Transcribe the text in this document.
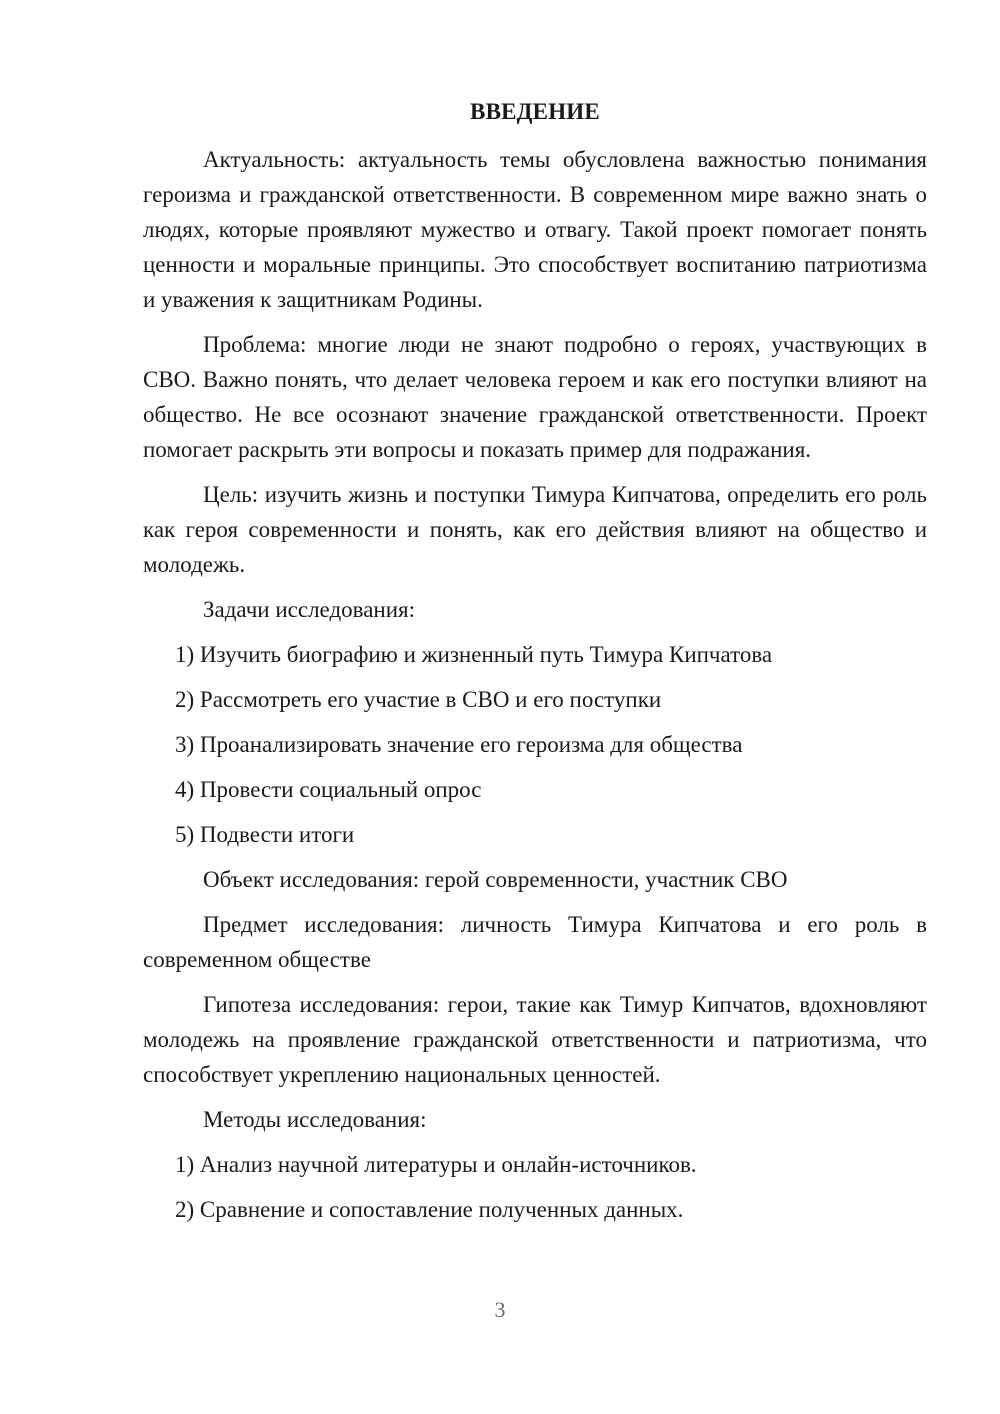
ВВЕДЕНИЕ

Актуальность: актуальность темы обусловлена важностью понимания героизма и гражданской ответственности. В современном мире важно знать о людях, которые проявляют мужество и отвагу. Такой проект помогает понять ценности и моральные принципы. Это способствует воспитанию патриотизма и уважения к защитникам Родины.

Проблема: многие люди не знают подробно о героях, участвующих в СВО. Важно понять, что делает человека героем и как его поступки влияют на общество. Не все осознают значение гражданской ответственности. Проект помогает раскрыть эти вопросы и показать пример для подражания.

Цель: изучить жизнь и поступки Тимура Кипчатова, определить его роль как героя современности и понять, как его действия влияют на общество и молодежь.

Задачи исследования:

1) Изучить биографию и жизненный путь Тимура Кипчатова

2) Рассмотреть его участие в СВО и его поступки

3) Проанализировать значение его героизма для общества

4) Провести социальный опрос

5) Подвести итоги

Объект исследования: герой современности, участник СВО

Предмет исследования: личность Тимура Кипчатова и его роль в современном обществе

Гипотеза исследования: герои, такие как Тимур Кипчатов, вдохновляют молодежь на проявление гражданской ответственности и патриотизма, что способствует укреплению национальных ценностей.

Методы исследования:

1) Анализ научной литературы и онлайн-источников.

2) Сравнение и сопоставление полученных данных.

3
